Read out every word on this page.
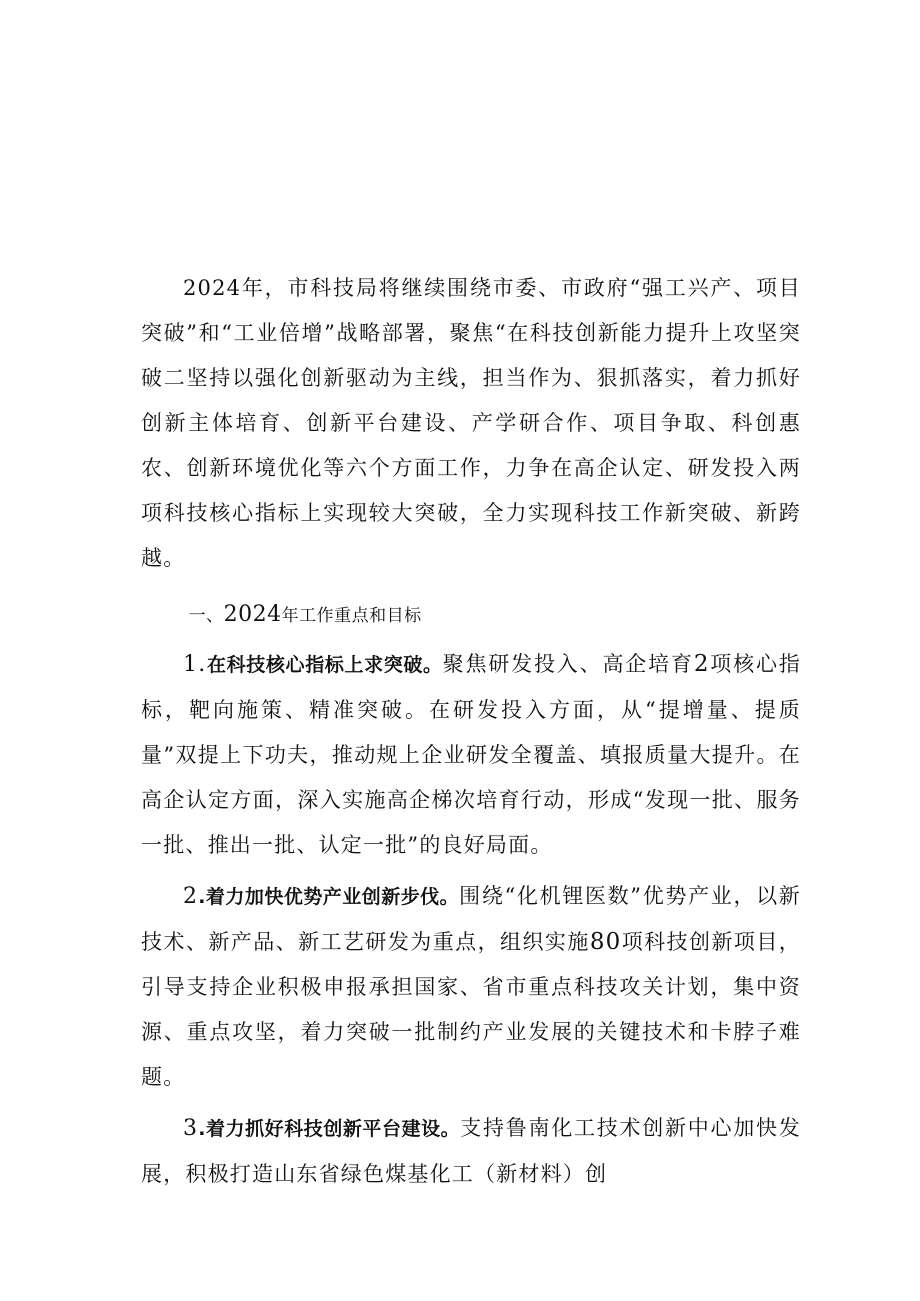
2024年，市科技局将继续围绕市委、市政府“强工兴产、项目突破”和“工业倍增”战略部署，聚焦“在科技创新能力提升上攻坚突破二坚持以强化创新驱动为主线，担当作为、狠抓落实，着力抓好创新主体培育、创新平台建设、产学研合作、项目争取、科创惠农、创新环境优化等六个方面工作，力争在高企认定、研发投入两项科技核心指标上实现较大突破，全力实现科技工作新突破、新跨越。

一、2024年工作重点和目标

1.在科技核心指标上求突破。聚焦研发投入、高企培育2项核心指标，靶向施策、精准突破。在研发投入方面，从“提增量、提质量”双提上下功夫，推动规上企业研发全覆盖、填报质量大提升。在高企认定方面，深入实施高企梯次培育行动，形成“发现一批、服务一批、推出一批、认定一批”的良好局面。

2.着力加快优势产业创新步伐。围绕“化机锂医数”优势产业，以新技术、新产品、新工艺研发为重点，组织实施80项科技创新项目，引导支持企业积极申报承担国家、省市重点科技攻关计划，集中资源、重点攻坚，着力突破一批制约产业发展的关键技术和卡脖子难题。

3.着力抓好科技创新平台建设。支持鲁南化工技术创新中心加快发展，积极打造山东省绿色煤基化工（新材料）创
